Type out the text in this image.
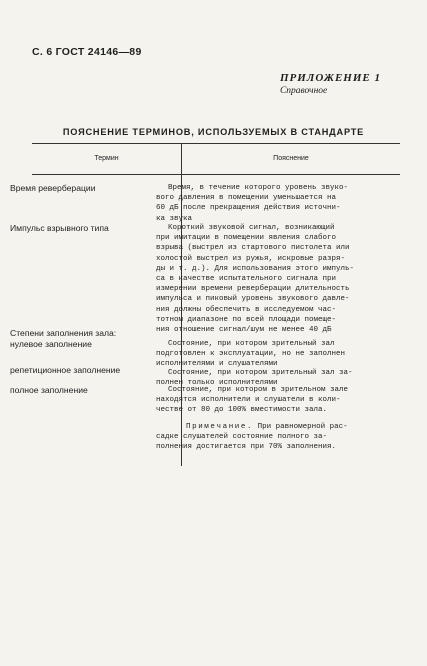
С. 6 ГОСТ 24146—89
ПРИЛОЖЕНИЕ 1
Справочное
ПОЯСНЕНИЕ ТЕРМИНОВ, ИСПОЛЬЗУЕМЫХ В СТАНДАРТЕ
Термин	Пояснение
Время реверберации	Время, в течение которого уровень звуко-
вого давления в помещении уменьшается на
60 дБ после прекращения действия источни-
ка звука
Импульс взрывного типа	Короткий звуковой сигнал, возникающий
при имитации в помещении явления слабого
взрыва (выстрел из стартового пистолета или
холостой выстрел из ружья, искровые разря-
ды и т. д.). Для использования этого импуль-
са в качестве испытательного сигнала при
измерении времени реверберации длительность
импульса и пиковый уровень звукового давле-
ния должны обеспечить в исследуемом час-
тотном диапазоне по всей площади помеще-
ния отношение сигнал/шум не менее 40 дБ
Степени заполнения зала:
нулевое заполнение	Состояние, при котором зрительный зал
подготовлен к эксплуатации, но не заполнен
исполнителями и слушателями
репетиционное заполнение	Состояние, при котором зрительный зал за-
полнен только исполнителями
полное заполнение	Состояние, при котором в зрительном зале
находятся исполнители и слушатели в коли-
честве от 80 до 100% вместимости зала.
Примечание. При равномерной рас-
садке слушателей состояние полного за-
полнения достигается при 70% заполнения.
